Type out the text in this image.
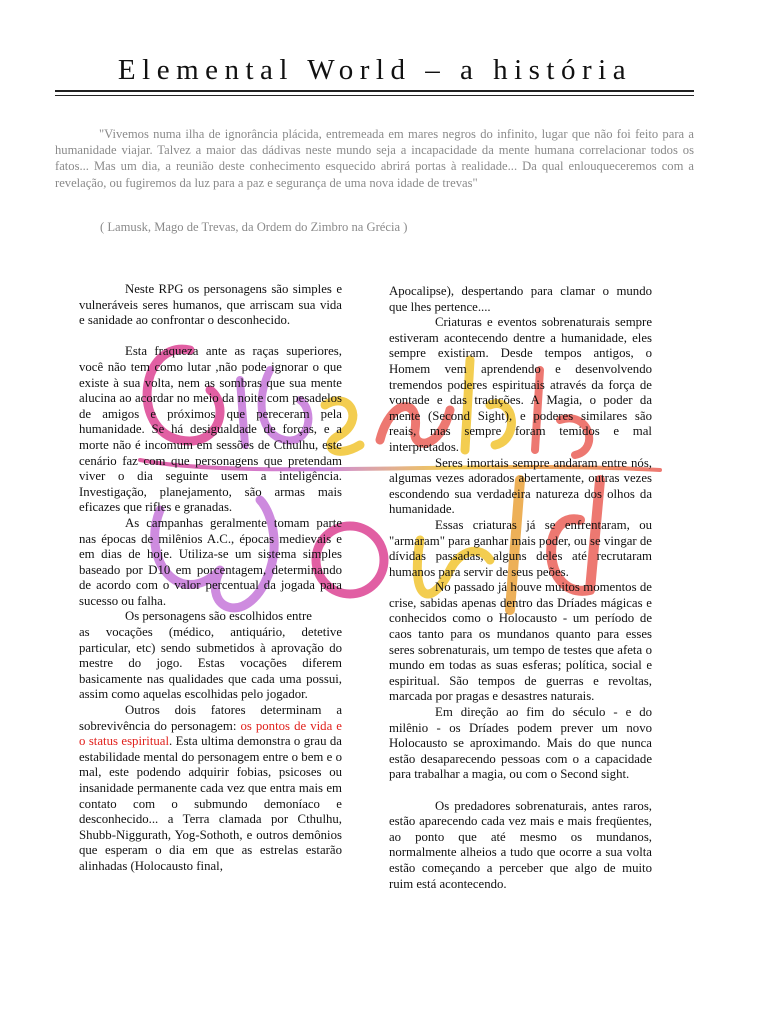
Elemental World – a história

"Vivemos numa ilha de ignorância plácida, entremeada em mares negros do infinito, lugar que não foi feito para a humanidade viajar. Talvez a maior das dádivas neste mundo seja a incapacidade da mente humana correlacionar todos os fatos... Mas um dia, a reunião deste conhecimento esquecido abrirá portas à realidade... Da qual enlouqueceremos com a revelação, ou fugiremos da luz para a paz e segurança de uma nova idade de trevas"

( Lamusk, Mago de Trevas, da Ordem do Zimbro na Grécia )

Neste RPG os personagens são simples e vulneráveis seres humanos, que arriscam sua vida e sanidade ao confrontar o desconhecido.

Esta fraqueza ante as raças superiores, você não tem como lutar ,não pode ignorar o que existe à sua volta, nem as sombras que sua mente alucina ao acordar no meio da noite com pesadelos de amigos e próximos que pereceram pela humanidade. Se há desigualdade de forças, e a morte não é incomum em sessões de Cthulhu, este cenário faz com que personagens que pretendam viver o dia seguinte usem a inteligência. Investigação, planejamento, são armas mais eficazes que rifles e granadas.

As campanhas geralmente tomam parte nas épocas de milênios A.C., épocas medievais e em dias de hoje. Utiliza-se um sistema simples baseado por D10 em porcentagem, determinando de acordo com o valor percentual da jogada para sucesso ou falha.

Os personagens são escolhidos entre

as vocações (médico, antiquário, detetive particular, etc) sendo submetidos à aprovação do mestre do jogo. Estas vocações diferem basicamente nas qualidades que cada uma possui, assim como aquelas escolhidas pelo jogador.

Outros dois fatores determinam a sobrevivência do personagem: os pontos de vida e o status espiritual. Esta ultima demonstra o grau da estabilidade mental do personagem entre o bem e o mal, este podendo adquirir fobias, psicoses ou insanidade permanente cada vez que entra mais em contato com o submundo demoníaco e desconhecido... a Terra clamada por Cthulhu, Shubb-Niggurath, Yog-Sothoth, e outros demônios que esperam o dia em que as estrelas estarão alinhadas (Holocausto final,

Apocalipse), despertando para clamar o mundo que lhes pertence....

Criaturas e eventos sobrenaturais sempre estiveram acontecendo dentre a humanidade, eles sempre existiram. Desde tempos antigos, o Homem vem aprendendo e desenvolvendo tremendos poderes espirituais através da força de vontade e das tradições. A Magia, o poder da mente (Second Sight), e poderes similares são reais, mas sempre foram temidos e mal interpretados.

Seres imortais sempre andaram entre nós, algumas vezes adorados abertamente, outras vezes escondendo sua verdadeira natureza dos olhos da humanidade.

Essas criaturas já se enfrentaram, ou "armaram" para ganhar mais poder, ou se vingar de dívidas passadas, alguns deles até recrutaram humanos para servir de seus peões.

No passado já houve muitos momentos de crise, sabidas apenas dentro das Dríades mágicas e conhecidos como o Holocausto - um período de caos tanto para os mundanos quanto para esses seres sobrenaturais, um tempo de testes que afeta o mundo em todas as suas esferas; política, social e espiritual. São tempos de guerras e revoltas, marcada por pragas e desastres naturais.

Em direção ao fim do século - e do milênio - os Dríades podem prever um novo Holocausto se aproximando. Mais do que nunca estão desaparecendo pessoas com o a capacidade para trabalhar a magia, ou com o Second sight.

Os predadores sobrenaturais, antes raros, estão aparecendo cada vez mais e mais freqüentes, ao ponto que até mesmo os mundanos, normalmente alheios a tudo que ocorre a sua volta estão começando a perceber que algo de muito ruim está acontecendo.
